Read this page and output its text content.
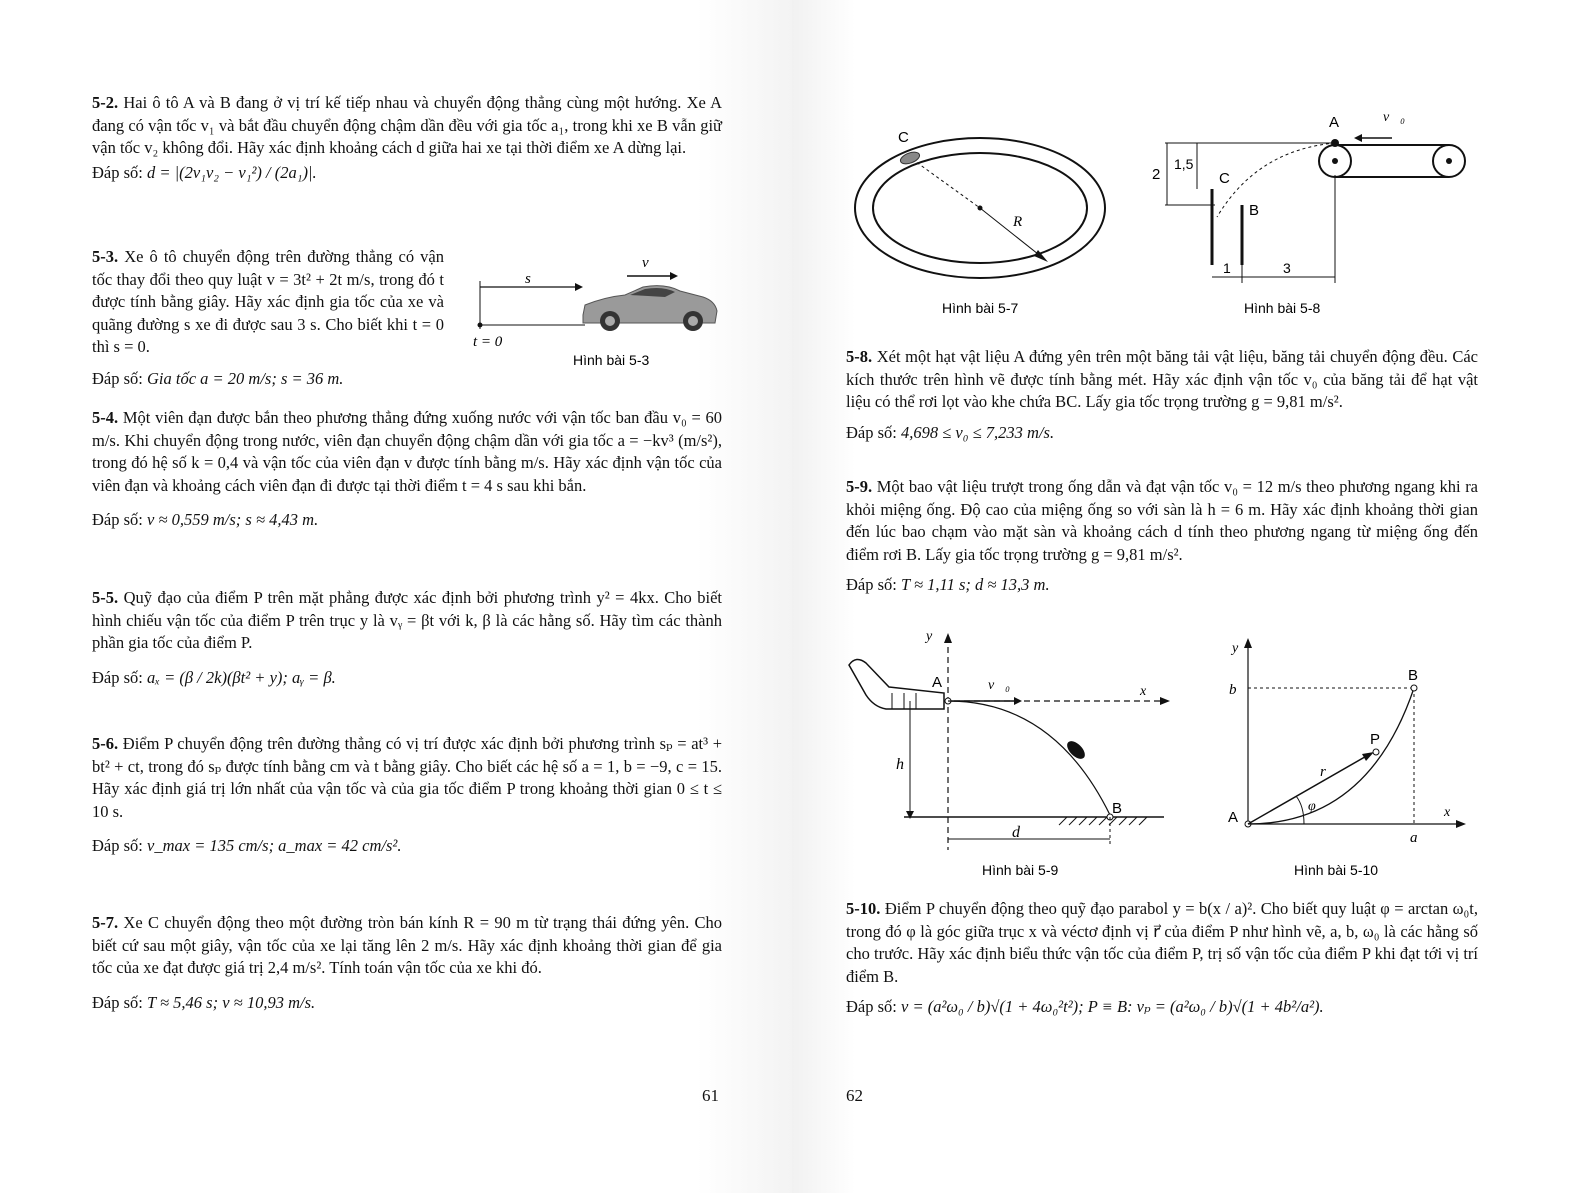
5-2. Hai ô tô A và B đang ở vị trí kế tiếp nhau và chuyển động thẳng cùng một hướng. Xe A đang có vận tốc v₁ và bắt đầu chuyển động chậm dần đều với gia tốc a₁, trong khi xe B vẫn giữ vận tốc v₂ không đổi. Hãy xác định khoảng cách d giữa hai xe tại thời điểm xe A dừng lại.

Đáp số: d = |(2v₁v₂ − v₁²) / (2a₁)|.

5-3. Xe ô tô chuyển động trên đường thẳng có vận tốc thay đổi theo quy luật v = 3t² + 2t m/s, trong đó t được tính bằng giây. Hãy xác định gia tốc của xe và quãng đường s xe đi được sau 3 s. Cho biết khi t = 0 thì s = 0.

Đáp số: Gia tốc a = 20 m/s; s = 36 m.

v⃗
s
t = 0
Hình bài 5-3

5-4. Một viên đạn được bắn theo phương thẳng đứng xuống nước với vận tốc ban đầu v₀ = 60 m/s. Khi chuyển động trong nước, viên đạn chuyển động chậm dần với gia tốc a = −kv³ (m/s²), trong đó hệ số k = 0,4 và vận tốc của viên đạn v được tính bằng m/s. Hãy xác định vận tốc của viên đạn và khoảng cách viên đạn đi được tại thời điểm t = 4 s sau khi bắn.

Đáp số: v ≈ 0,559 m/s; s ≈ 4,43 m.

5-5. Quỹ đạo của điểm P trên mặt phẳng được xác định bởi phương trình y² = 4kx. Cho biết hình chiếu vận tốc của điểm P trên trục y là vᵧ = βt với k, β là các hằng số. Hãy tìm các thành phần gia tốc của điểm P.

Đáp số: aₓ = (β / 2k)(βt² + y); aᵧ = β.

5-6. Điểm P chuyển động trên đường thẳng có vị trí được xác định bởi phương trình sₚ = at³ + bt² + ct, trong đó sₚ được tính bằng cm và t bằng giây. Cho biết các hệ số a = 1, b = −9, c = 15. Hãy xác định giá trị lớn nhất của vận tốc và của gia tốc điểm P trong khoảng thời gian 0 ≤ t ≤ 10 s.

Đáp số: v_max = 135 cm/s; a_max = 42 cm/s².

5-7. Xe C chuyển động theo một đường tròn bán kính R = 90 m từ trạng thái đứng yên. Cho biết cứ sau một giây, vận tốc của xe lại tăng lên 2 m/s. Hãy xác định khoảng thời gian để gia tốc của xe đạt được giá trị 2,4 m/s². Tính toán vận tốc của xe khi đó.

Đáp số: T ≈ 5,46 s; v ≈ 10,93 m/s.

61
C
R
Hình bài 5-7
A	v⃗₀
2
1,5
C
B
1	3
Hình bài 5-8

5-8. Xét một hạt vật liệu A đứng yên trên một băng tải vật liệu, băng tải chuyển động đều. Các kích thước trên hình vẽ được tính bằng mét. Hãy xác định vận tốc v₀ của băng tải để hạt vật liệu có thể rơi lọt vào khe chứa BC. Lấy gia tốc trọng trường g = 9,81 m/s².

Đáp số: 4,698 ≤ v₀ ≤ 7,233 m/s.

5-9. Một bao vật liệu trượt trong ống dẫn và đạt vận tốc v₀ = 12 m/s theo phương ngang khi ra khỏi miệng ống. Độ cao của miệng ống so với sàn là h = 6 m. Hãy xác định khoảng thời gian đến lúc bao chạm vào mặt sàn và khoảng cách d tính theo phương ngang từ miệng ống đến điểm rơi B. Lấy gia tốc trọng trường g = 9,81 m/s².

Đáp số: T ≈ 1,11 s; d ≈ 13,3 m.

y
x
A	v⃗₀
B
h
d
Hình bài 5-9
y
x
A
B
b
a
P
r⃗
φ
Hình bài 5-10

5-10. Điểm P chuyển động theo quỹ đạo parabol y = b(x / a)². Cho biết quy luật φ = arctan ω₀t, trong đó φ là góc giữa trục x và véctơ định vị r⃗ của điểm P như hình vẽ, a, b, ω₀ là các hằng số cho trước. Hãy xác định biểu thức vận tốc của điểm P, trị số vận tốc của điểm P khi đạt tới vị trí điểm B.

Đáp số: v = (a²ω₀ / b)√(1 + 4ω₀²t²); P ≡ B: vₚ = (a²ω₀ / b)√(1 + 4b²/a²).

62
